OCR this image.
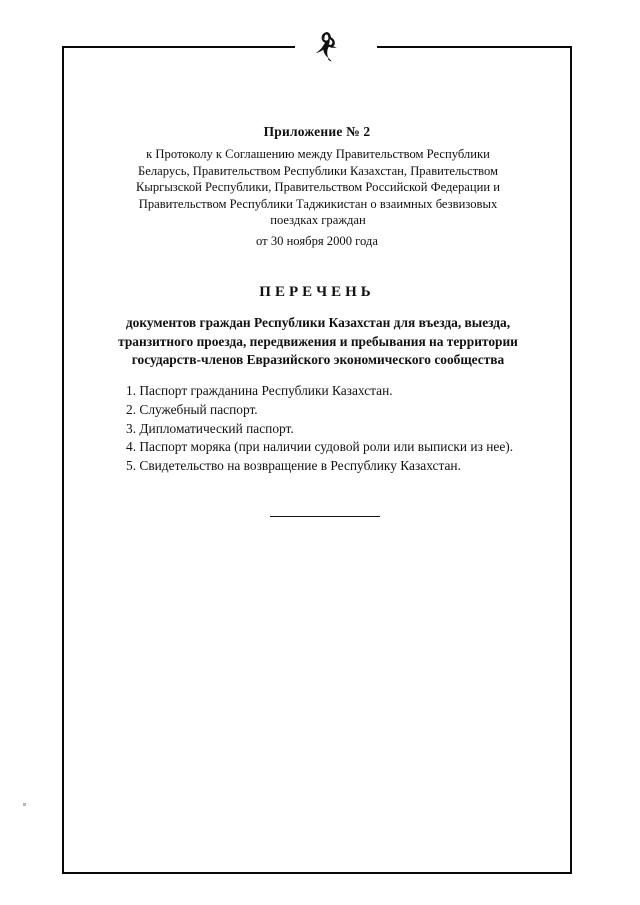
Приложение № 2
к Протоколу к Соглашению между Правительством Республики Беларусь, Правительством Республики Казахстан, Правительством Кыргызской Республики, Правительством Российской Федерации и Правительством Республики Таджикистан о взаимных безвизовых поездках граждан
от 30 ноября 2000 года
ПЕРЕЧЕНЬ
документов граждан Республики Казахстан для въезда, выезда, транзитного проезда, передвижения и пребывания на территории государств-членов Евразийского экономического сообщества
1. Паспорт гражданина Республики Казахстан.
2. Служебный паспорт.
3. Дипломатический паспорт.
4. Паспорт моряка (при наличии судовой роли или выписки из нее).
5. Свидетельство на возвращение в Республику Казахстан.
